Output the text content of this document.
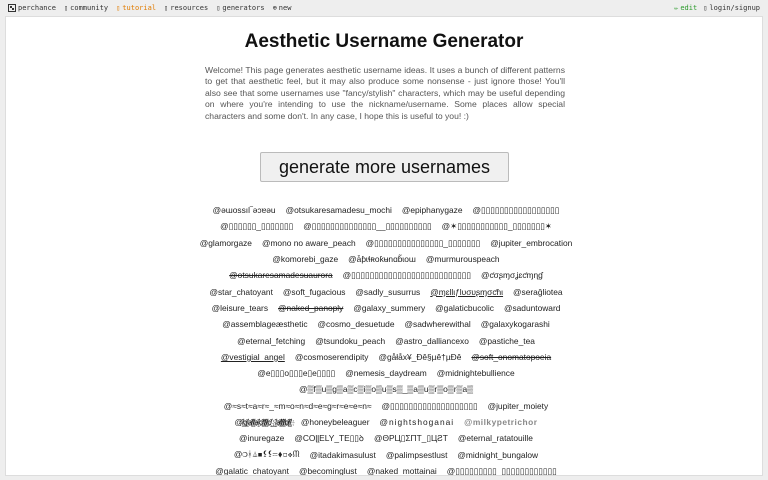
perchance ▯ community ▯ tutorial ▯ resources ▯ generators ⊕ new	✏ edit ▯ login/signup
Aesthetic Username Generator
Welcome! This page generates aesthetic username ideas. It uses a bunch of different patterns to get that aesthetic feel, but it may also produce some nonsense - just ignore those! You'll also see that some usernames use "fancy/stylish" characters, which may be useful depending on where you're intending to use the nickname/username. Some places allow special characters and some don't. In any case, I hope this is useful to you! :)
generate more usernames
@ǝɯossıl‾ǝɔɐǝu @otsukaresamadesu_mochi @epiphanygaze @▯▯▯▯▯▯▯▯▯▯▯▯▯▯▯▯▯
@▯▯▯▯▯▯_▯▯▯▯▯▯▯ @▯▯▯▯▯▯▯▯▯▯▯▯▯▯__▯▯▯▯▯▯▯▯▯▯ @✶▯▯▯▯▯▯▯▯▯▯▯_▯▯▯▯▯▯▯✶
@glamorgaze @mono no aware_peach @▯▯▯▯▯▯▯▯▯▯▯▯▯▯▯_▯▯▯▯▯▯▯ @jupiter_embrocation
@komorebi_gaze @ǡƥɩɬʀoƙʉnɑɓ̃ɩoɯ @murmurouspeach
@otsukaresamadesuaurora @▯▯▯▯▯▯▯▯▯▯▯▯▯▯▯▯▯▯▯▯▯▯▯▯▯▯ @ƈσʂɱσʝɛƈɱɳɠ
@star_chatoyant @soft_fugacious @sadly_susurrus @ɱɛƖƖιƒƖυσυʂɱσƈɦι @serağliotea
@leisure_tears @naked_panoply @galaxy_summery @galaticbucolic @saduntoward
@assemblageæsthetic @cosmo_desuetude @sadwherewithal @galaxykogarashi
@eternal_fetching @tsundoku_peach @astro_dalliancexo @pastiche_tea
@vestigial_angel @cosmoserendipity @gåłåx¥_Ðê§µê†µÐê @soft_onomatopoeia
@e▯▯▯o▯▯▯e▯e▯▯▯▯ @nemesis_daydream @midnightebullience
@▒f▒u▒g▒a▒c▒i▒o▒u▒s▒_▒a▒u▒r▒o▒r▒a▒
@≈s≈t≈a≈r≈_≈m≈o≈n≈d≈e≈g≈r≈e≈e≈n≈ @▯▯▯▯▯▯▯▯▯▯▯▯▯▯▯▯▯▯▯ @jupiter_moiety
@҉̸̤̈g҉̸̤̈a҉̸̤̈l҉̸̤̈a҉̸̤̈c҉̸̤̈t҉̸̤̈i҉̸̤̈c҉̸̤̈_҉̸̤̈a҉̸̤̈l҉̸̤̈i҉̸̤̈b҉̸̤̈i҉̸̤̈ @honeybeleaguer @nightshoganai @milkypetrichor
@inuregaze @COɭɭELY_TE▯▯ꝺ @ΘΡЦ▯ΣΠΤ_▯ЦƧΤ @eternal_ratatouille
@❍ᚼ⏃◼⚸⚸⎓⧫◻❖ᙏ @itadakimasulust @palimpsestlust @midnight_bungalow
@galatic_chatoyant @becominglust @naked_mottainai @▯▯▯▯▯▯▯▯▯_▯▯▯▯▯▯▯▯▯▯▯▯
